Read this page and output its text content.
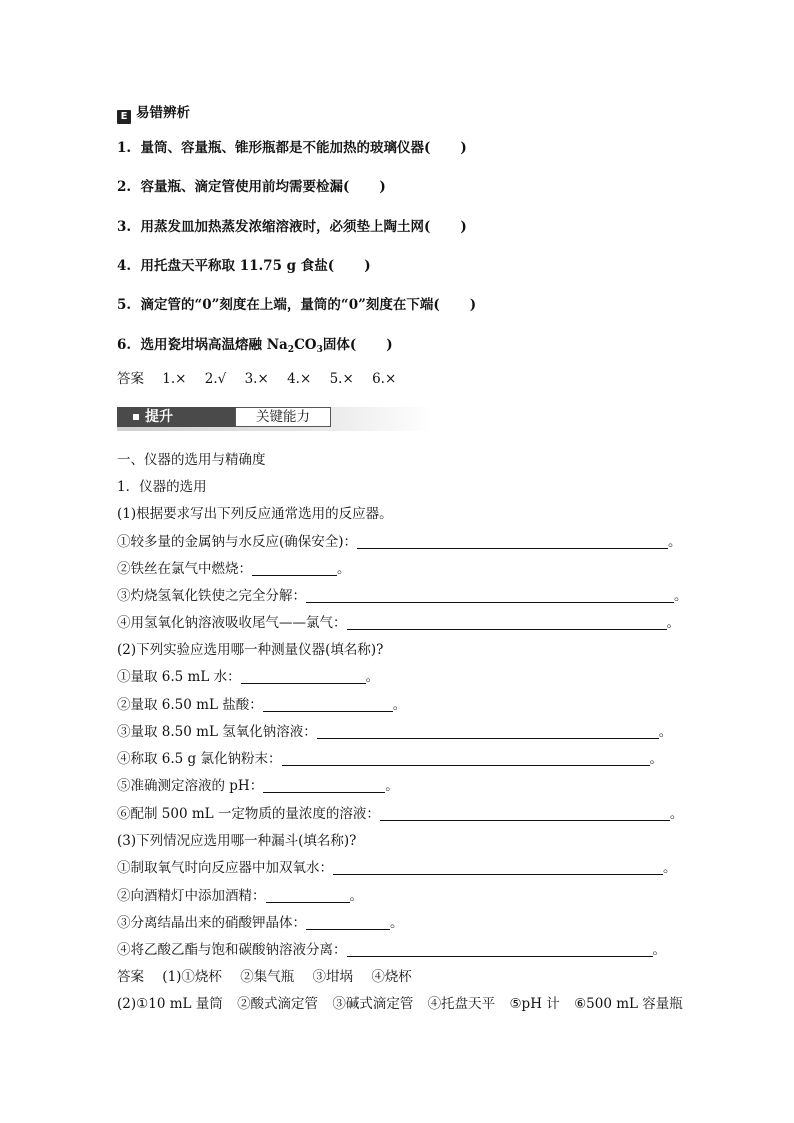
E 易错辨析
1. 量筒、容量瓶、锥形瓶都是不能加热的玻璃仪器( )
2. 容量瓶、滴定管使用前均需要检漏( )
3. 用蒸发皿加热蒸发浓缩溶液时，必须垫上陶土网( )
4. 用托盘天平称取 11.75 g 食盐( )
5. 滴定管的“0”刻度在上端，量筒的“0”刻度在下端( )
6. 选用瓷坩埚高温熔融 $Na_2CO_3$固体( )
答案 1.× 2.√ 3.× 4.× 5.× 6.×
提升	关键能力
一、仪器的选用与精确度
1．仪器的选用
(1)根据要求写出下列反应通常选用的反应器。
①较多量的金属钠与水反应(确保安全)：	。
②铁丝在氯气中燃烧：	。
③灼烧氢氧化铁使之完全分解：	。
④用氢氧化钠溶液吸收尾气——氯气：	。
(2)下列实验应选用哪一种测量仪器(填名称)?
①量取 6.5 mL 水：	。
②量取 6.50 mL 盐酸：	。
③量取 8.50 mL 氢氧化钠溶液：	。
④称取 6.5 g 氯化钠粉末：	。
⑤准确测定溶液的 pH：	。
⑥配制 500 mL 一定物质的量浓度的溶液：	。
(3)下列情况应选用哪一种漏斗(填名称)?
①制取氧气时向反应器中加双氧水：	。
②向酒精灯中添加酒精：	。
③分离结晶出来的硝酸钾晶体：	。
④将乙酸乙酯与饱和碳酸钠溶液分离：	。
答案 (1)①烧杯 ②集气瓶 ③坩埚 ④烧杯
(2)①10 mL 量筒 ②酸式滴定管 ③碱式滴定管 ④托盘天平 ⑤pH 计 ⑥500 mL 容量瓶
